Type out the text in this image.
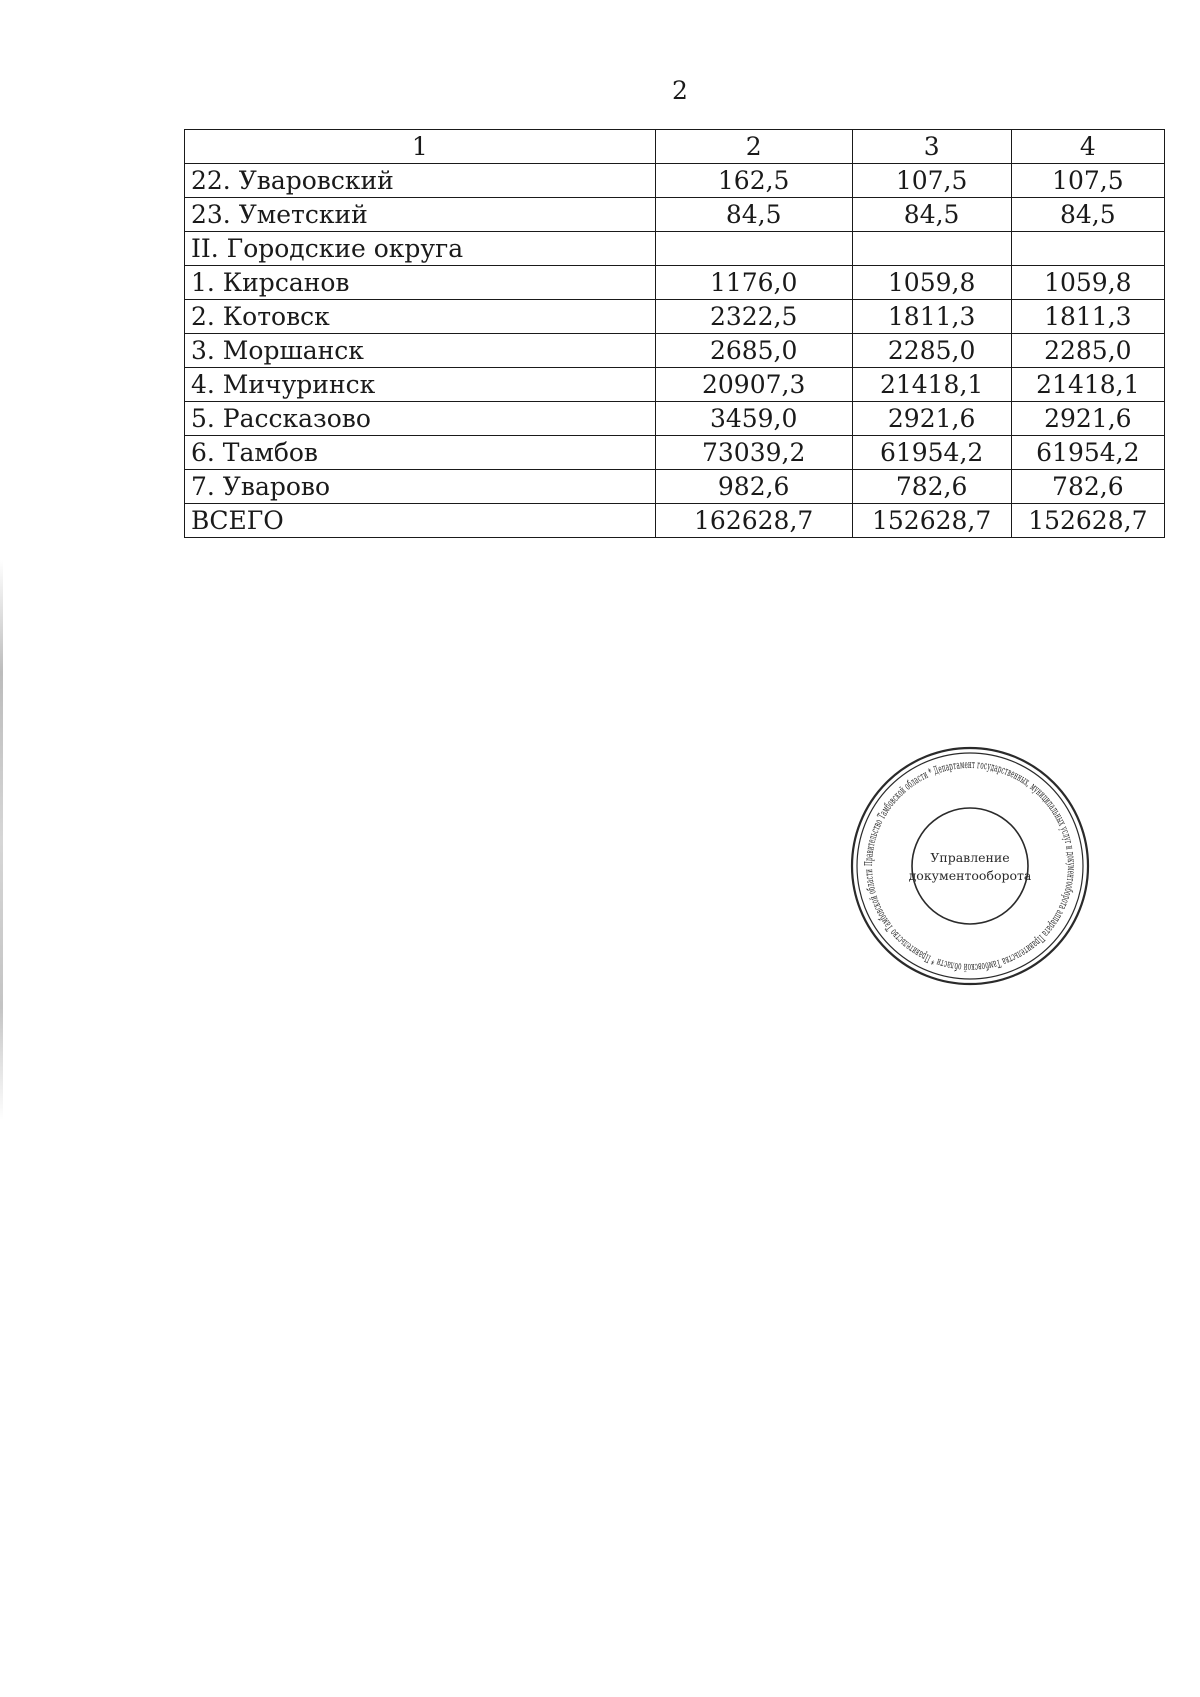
2
1	2	3	4
22. Уваровский	162,5	107,5	107,5
23. Уметский	84,5	84,5	84,5
II. Городские округа			
1. Кирсанов	1176,0	1059,8	1059,8
2. Котовск	2322,5	1811,3	1811,3
3. Моршанск	2685,0	2285,0	2285,0
4. Мичуринск	20907,3	21418,1	21418,1
5. Рассказово	3459,0	2921,6	2921,6
6. Тамбов	73039,2	61954,2	61954,2
7. Уварово	982,6	782,6	782,6
ВСЕГО	162628,7	152628,7	152628,7
Правительство Тамбовской области * Департамент государственных, муниципальных услуг и документооборота аппарата Правительства Тамбовской области * Правительство Тамбовской области
Управление
документооборота
